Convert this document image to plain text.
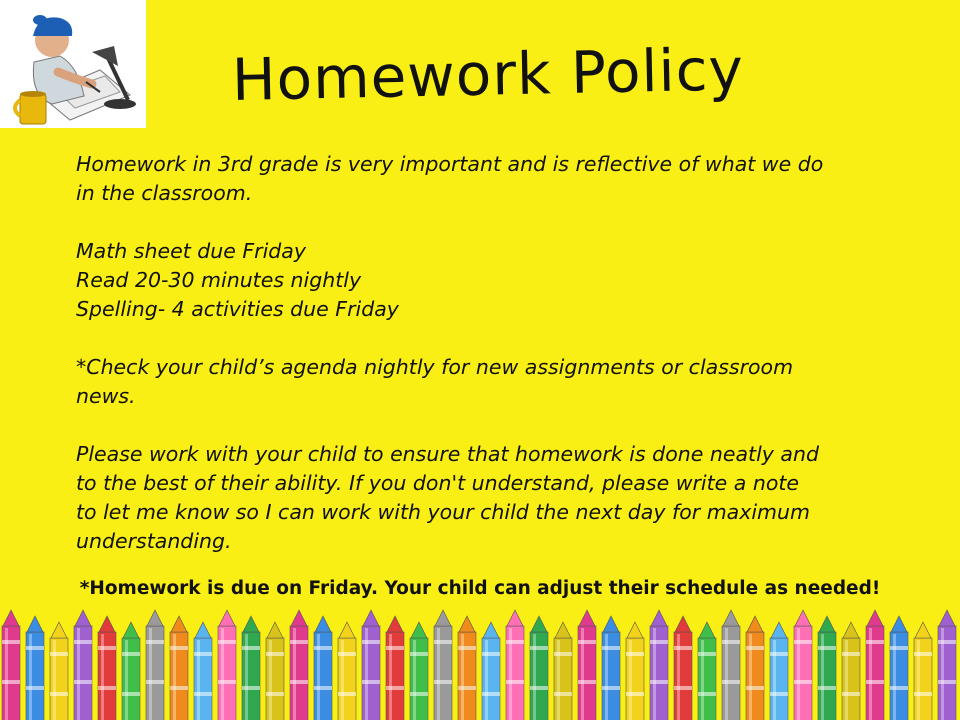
Homework Policy

Homework in 3rd grade is very important and is reflective of what we do

in the classroom.

Math sheet due Friday

Read 20-30 minutes nightly

Spelling- 4 activities due Friday

*Check your child’s agenda nightly for new assignments or classroom

news.

Please work with your child to ensure that homework is done neatly and

to the best of their ability. If you don't understand, please write a note

to let me know so I can work with your child the next day for maximum

understanding.

*Homework is due on Friday. Your child can adjust their schedule as needed!
